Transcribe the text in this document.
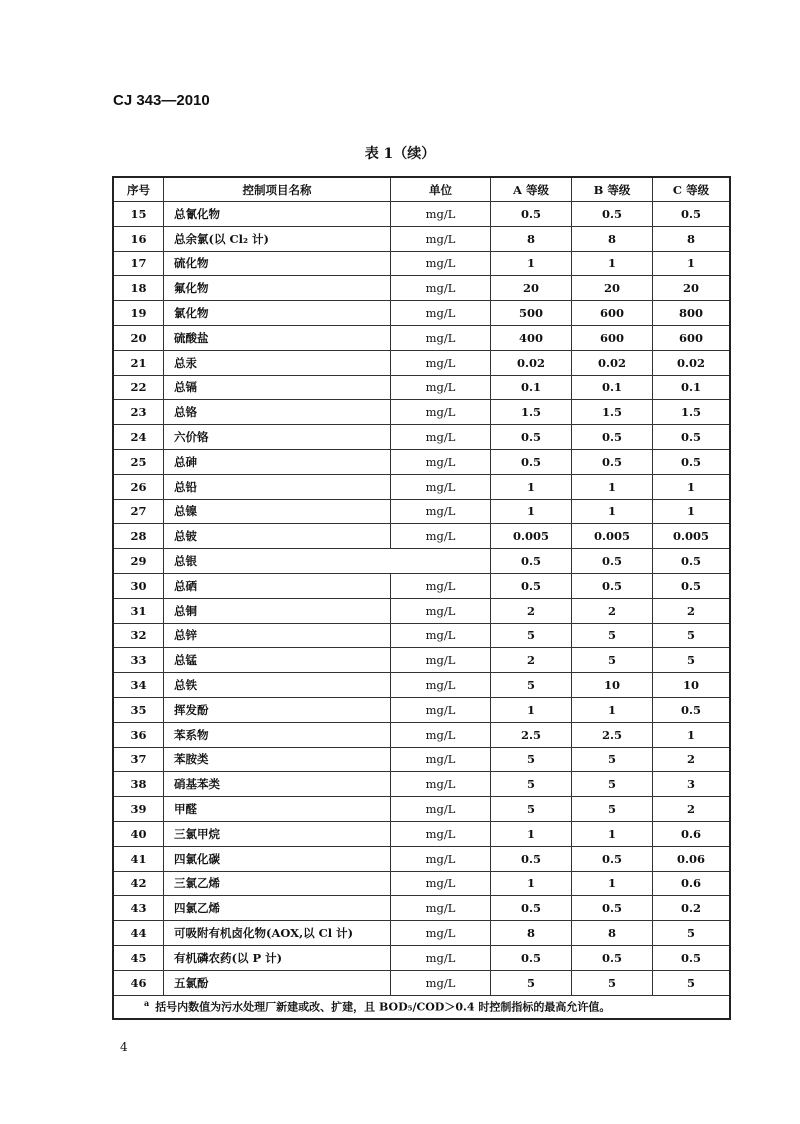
CJ 343—2010
表 1（续）
序号	控制项目名称	单位	A 等级	B 等级	C 等级
15	总氰化物	mg/L	0.5	0.5	0.5
16	总余氯(以 Cl₂ 计)	mg/L	8	8	8
17	硫化物	mg/L	1	1	1
18	氟化物	mg/L	20	20	20
19	氯化物	mg/L	500	600	800
20	硫酸盐	mg/L	400	600	600
21	总汞	mg/L	0.02	0.02	0.02
22	总镉	mg/L	0.1	0.1	0.1
23	总铬	mg/L	1.5	1.5	1.5
24	六价铬	mg/L	0.5	0.5	0.5
25	总砷	mg/L	0.5	0.5	0.5
26	总铅	mg/L	1	1	1
27	总镍	mg/L	1	1	1
28	总铍	mg/L	0.005	0.005	0.005
29	总银		0.5	0.5	0.5
30	总硒	mg/L	0.5	0.5	0.5
31	总铜	mg/L	2	2	2
32	总锌	mg/L	5	5	5
33	总锰	mg/L	2	5	5
34	总铁	mg/L	5	10	10
35	挥发酚	mg/L	1	1	0.5
36	苯系物	mg/L	2.5	2.5	1
37	苯胺类	mg/L	5	5	2
38	硝基苯类	mg/L	5	5	3
39	甲醛	mg/L	5	5	2
40	三氯甲烷	mg/L	1	1	0.6
41	四氯化碳	mg/L	0.5	0.5	0.06
42	三氯乙烯	mg/L	1	1	0.6
43	四氯乙烯	mg/L	0.5	0.5	0.2
44	可吸附有机卤化物(AOX,以 Cl 计)	mg/L	8	8	5
45	有机磷农药(以 P 计)	mg/L	0.5	0.5	0.5
46	五氯酚	mg/L	5	5	5
$^a$ 括号内数值为污水处理厂新建或改、扩建，且 BOD₅/COD＞0.4 时控制指标的最高允许值。					
4
